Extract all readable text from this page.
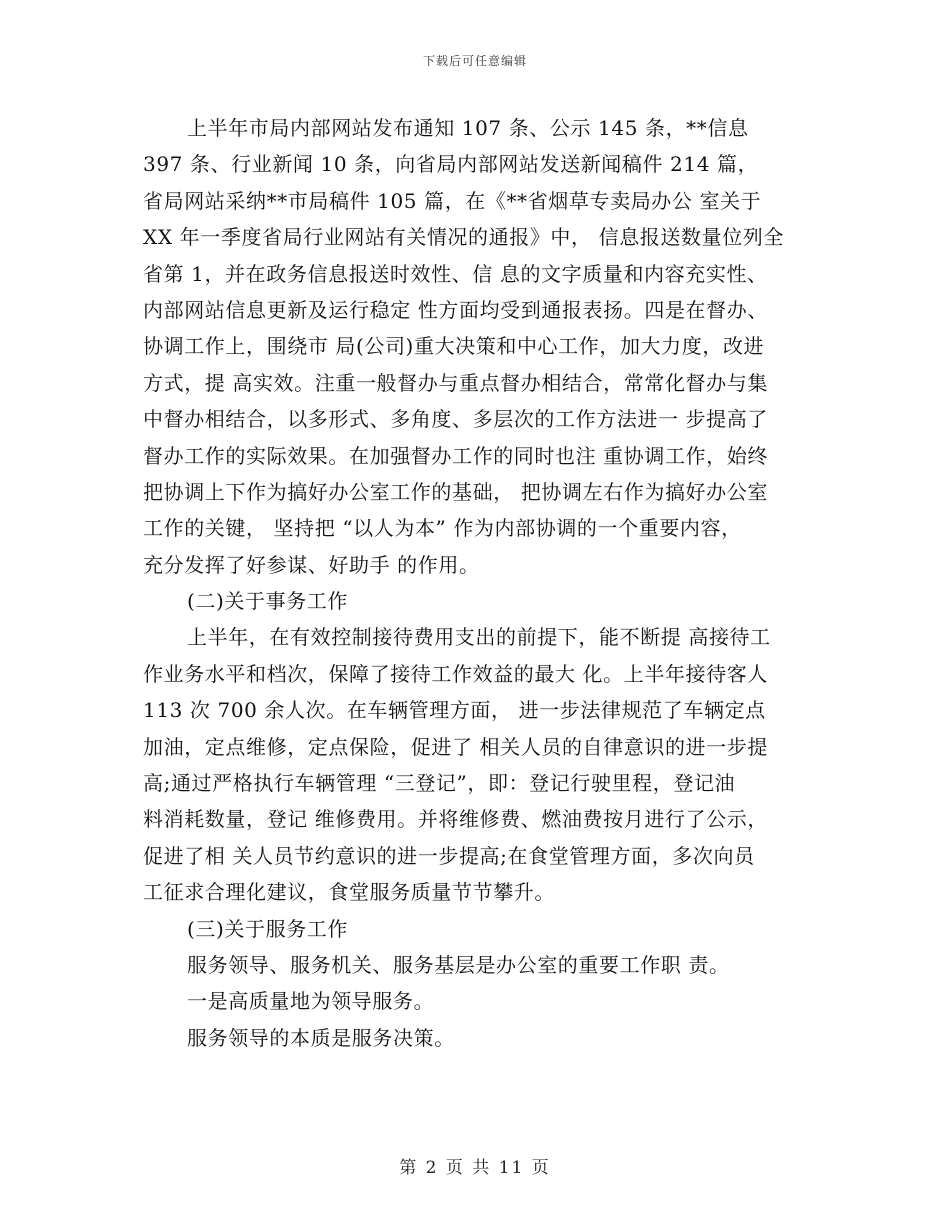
下载后可任意编辑
上半年市局内部网站发布通知 107 条、公示 145 条，**信息
397 条、行业新闻 10 条，向省局内部网站发送新闻稿件 214 篇，
省局网站采纳**市局稿件 105 篇，在《**省烟草专卖局办公 室关于
XX 年一季度省局行业网站有关情况的通报》中， 信息报送数量位列全
省第 1，并在政务信息报送时效性、信 息的文字质量和内容充实性、
内部网站信息更新及运行稳定 性方面均受到通报表扬。四是在督办、
协调工作上，围绕市 局(公司)重大决策和中心工作，加大力度，改进
方式，提 高实效。注重一般督办与重点督办相结合，常常化督办与集
中督办相结合，以多形式、多角度、多层次的工作方法进一 步提高了
督办工作的实际效果。在加强督办工作的同时也注 重协调工作，始终
把协调上下作为搞好办公室工作的基础， 把协调左右作为搞好办公室
工作的关键， 坚持把 “以人为本” 作为内部协调的一个重要内容，
充分发挥了好参谋、好助手 的作用。
(二)关于事务工作
上半年，在有效控制接待费用支出的前提下，能不断提 高接待工
作业务水平和档次，保障了接待工作效益的最大 化。上半年接待客人
113 次 700 余人次。在车辆管理方面， 进一步法律规范了车辆定点
加油，定点维修，定点保险，促进了 相关人员的自律意识的进一步提
高;通过严格执行车辆管理 “三登记”，即：登记行驶里程，登记油
料消耗数量，登记 维修费用。并将维修费、燃油费按月进行了公示，
促进了相 关人员节约意识的进一步提高;在食堂管理方面，多次向员
工征求合理化建议，食堂服务质量节节攀升。
(三)关于服务工作
服务领导、服务机关、服务基层是办公室的重要工作职 责。
一是高质量地为领导服务。
服务领导的本质是服务决策。
第 2 页 共 11 页
